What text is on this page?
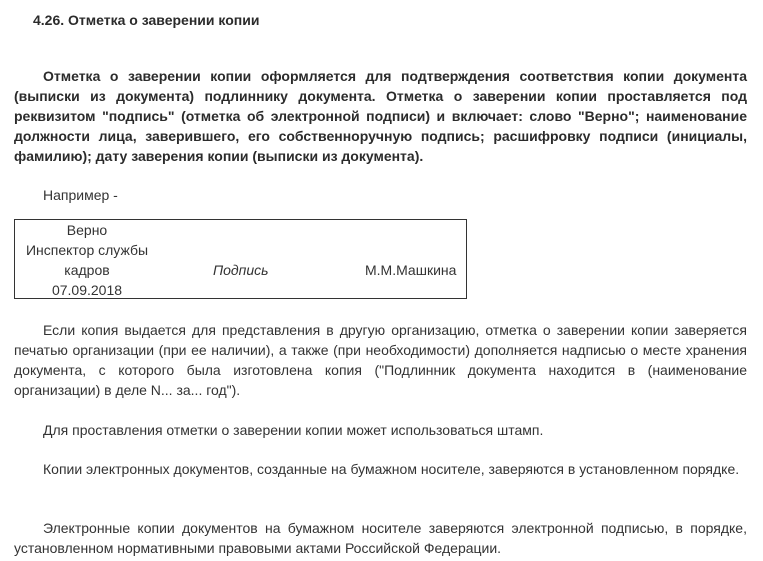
4.26. Отметка о заверении копии

Отметка о заверении копии оформляется для подтверждения соответствия копии документа (выписки из документа) подлиннику документа. Отметка о заверении копии проставляется под реквизитом "подпись" (отметка об электронной подписи) и включает: слово "Верно"; наименование должности лица, заверившего, его собственноручную подпись; расшифровку подписи (инициалы, фамилию); дату заверения копии (выписки из документа).

Например -

Верно
Инспектор службы
кадров
07.09.2018
Подпись	М.М.Машкина

Если копия выдается для представления в другую организацию, отметка о заверении копии заверяется печатью организации (при ее наличии), а также (при необходимости) дополняется надписью о месте хранения документа, с которого была изготовлена копия ("Подлинник документа находится в (наименование организации) в деле N... за... год").

Для проставления отметки о заверении копии может использоваться штамп.

Копии электронных документов, созданные на бумажном носителе, заверяются в установленном порядке.

Электронные копии документов на бумажном носителе заверяются электронной подписью, в порядке, установленном нормативными правовыми актами Российской Федерации.
